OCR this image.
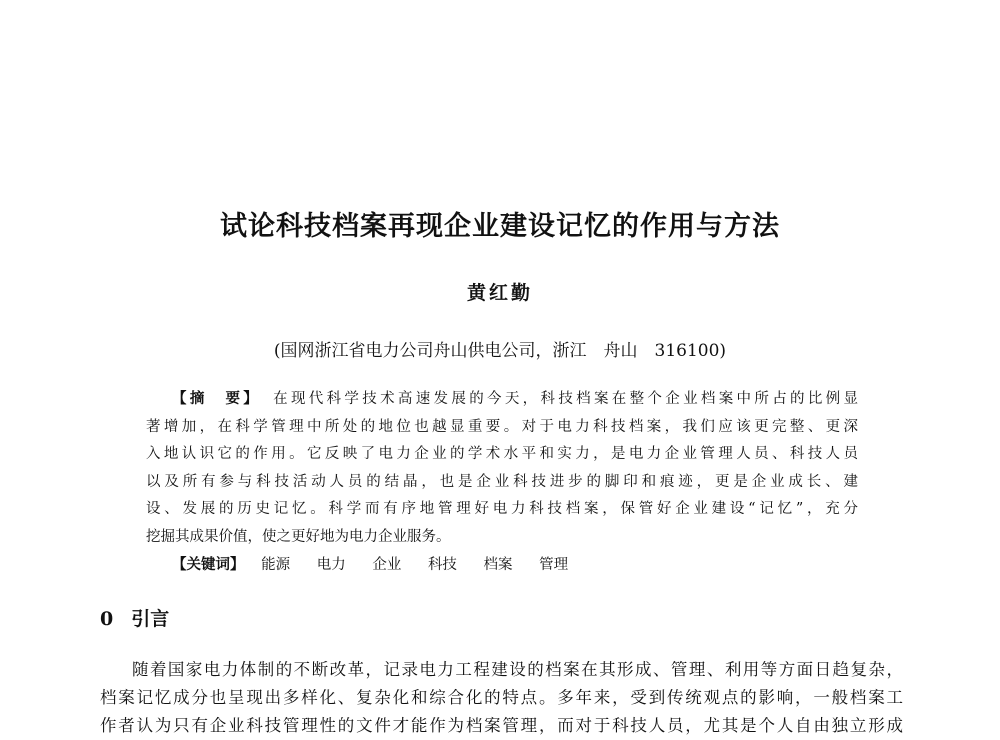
试论科技档案再现企业建设记忆的作用与方法
黄红勤
(国网浙江省电力公司舟山供电公司，浙江　舟山　316100)
【摘　要】 在现代科学技术高速发展的今天，科技档案在整个企业档案中所占的比例显
著增加，在科学管理中所处的地位也越显重要。对于电力科技档案，我们应该更完整、更深
入地认识它的作用。它反映了电力企业的学术水平和实力，是电力企业管理人员、科技人员
以及所有参与科技活动人员的结晶，也是企业科技进步的脚印和痕迹，更是企业成长、建
设、发展的历史记忆。科学而有序地管理好电力科技档案，保管好企业建设“记忆”，充分
挖掘其成果价值，使之更好地为电力企业服务。
【关键词】 能源 电力 企业 科技 档案 管理
0 引言
随着国家电力体制的不断改革，记录电力工程建设的档案在其形成、管理、利用等方面日趋复杂，
档案记忆成分也呈现出多样化、复杂化和综合化的特点。多年来，受到传统观点的影响，一般档案工
作者认为只有企业科技管理性的文件才能作为档案管理，而对于科技人员，尤其是个人自由独立形成
